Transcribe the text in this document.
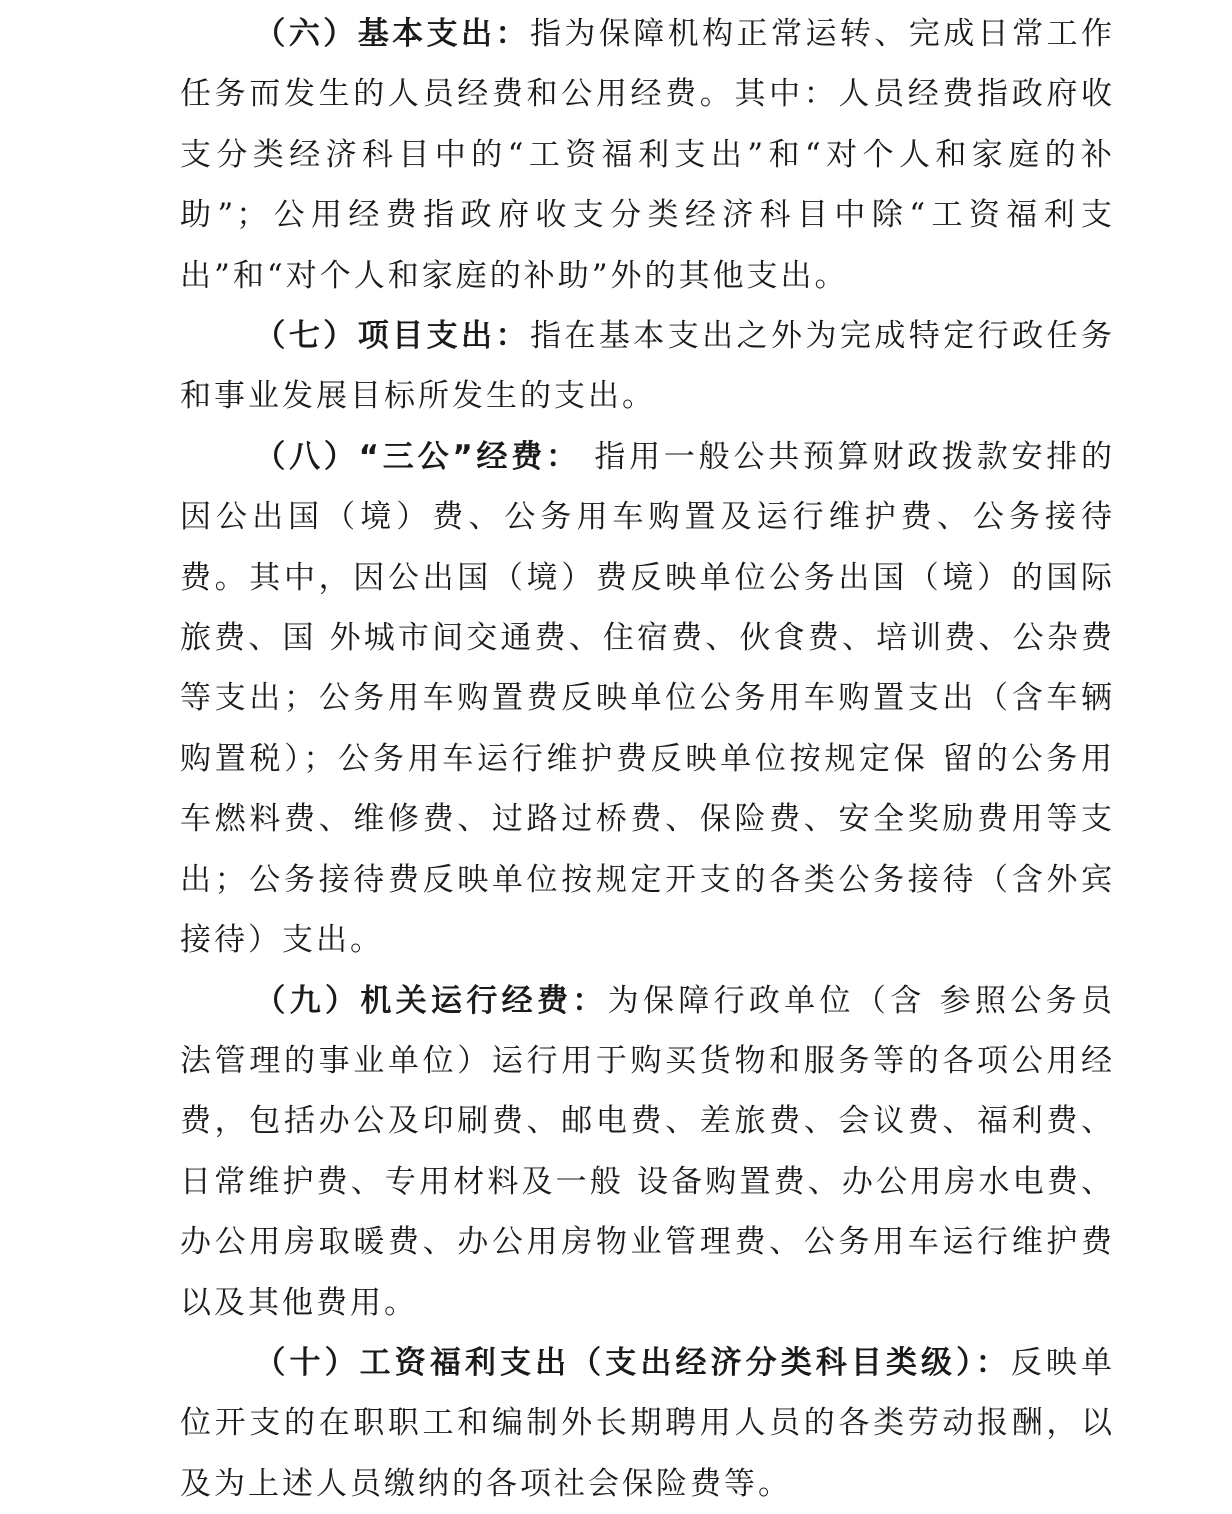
（六）基本支出：指为保障机构正常运转、完成日常工作任务而发生的人员经费和公用经费。其中：人员经费指政府收支分类经济科目中的“工资福利支出”和“对个人和家庭的补助”；公用经费指政府收支分类经济科目中除“工资福利支出”和“对个人和家庭的补助”外的其他支出。

（七）项目支出：指在基本支出之外为完成特定行政任务和事业发展目标所发生的支出。

（八）“三公”经费： 指用一般公共预算财政拨款安排的因公出国（境）费、公务用车购置及运行维护费、公务接待费。其中，因公出国（境）费反映单位公务出国（境）的国际旅费、国 外城市间交通费、住宿费、伙食费、培训费、公杂费等支出；公务用车购置费反映单位公务用车购置支出（含车辆购置税）；公务用车运行维护费反映单位按规定保 留的公务用车燃料费、维修费、过路过桥费、保险费、安全奖励费用等支出；公务接待费反映单位按规定开支的各类公务接待（含外宾接待）支出。

（九）机关运行经费：为保障行政单位（含 参照公务员法管理的事业单位）运行用于购买货物和服务等的各项公用经费，包括办公及印刷费、邮电费、差旅费、会议费、福利费、日常维护费、专用材料及一般 设备购置费、办公用房水电费、办公用房取暖费、办公用房物业管理费、公务用车运行维护费以及其他费用。

（十）工资福利支出（支出经济分类科目类级）：反映单位开支的在职职工和编制外长期聘用人员的各类劳动报酬，以及为上述人员缴纳的各项社会保险费等。
